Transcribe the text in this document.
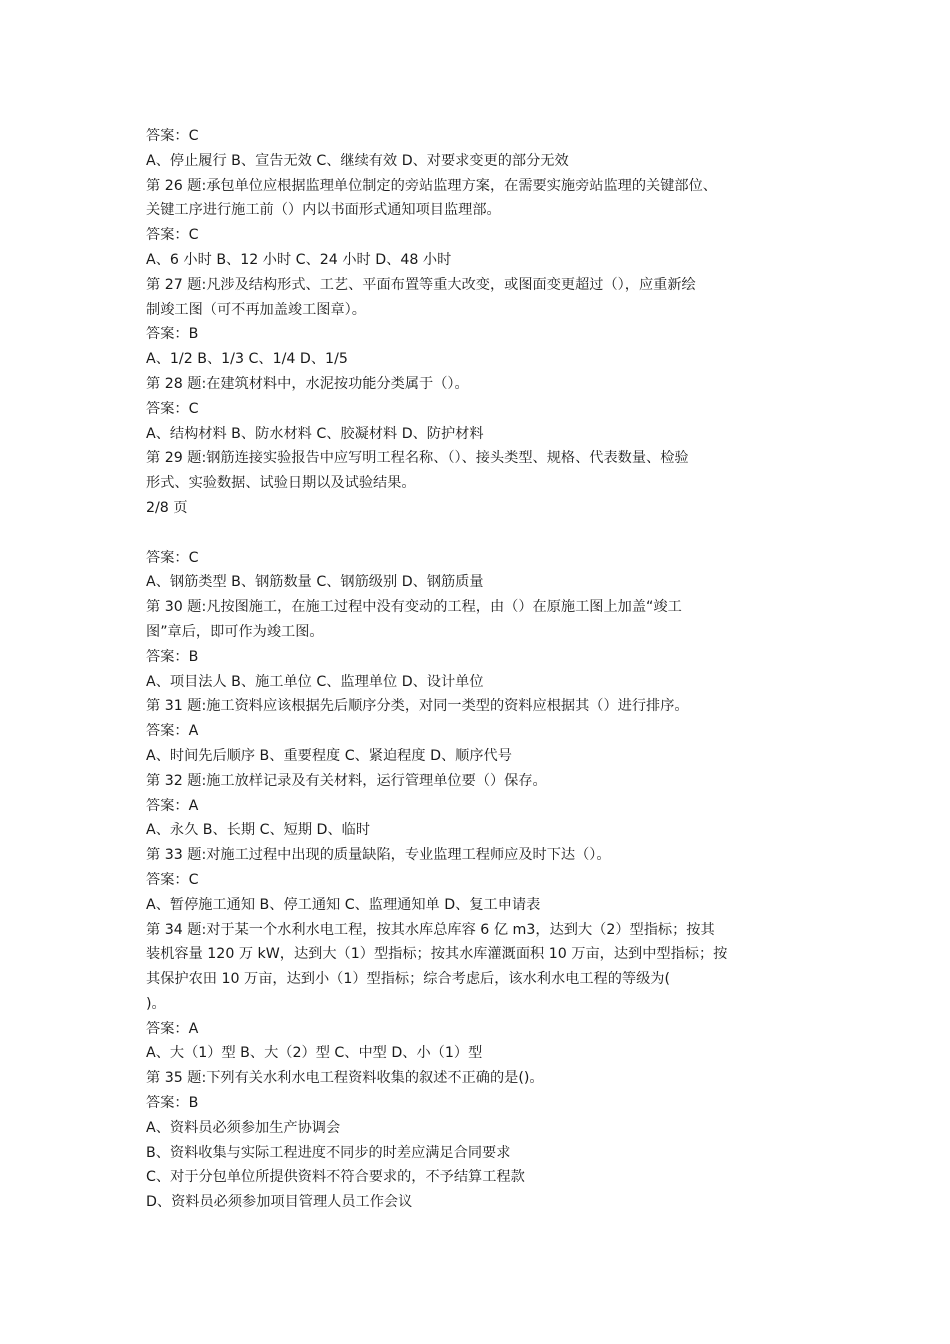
答案：C
A、停止履行 B、宣告无效 C、继续有效 D、对要求变更的部分无效
第 26 题:承包单位应根据监理单位制定的旁站监理方案，在需要实施旁站监理的关键部位、
关键工序进行施工前（）内以书面形式通知项目监理部。
答案：C
A、6 小时 B、12 小时 C、24 小时 D、48 小时
第 27 题:凡涉及结构形式、工艺、平面布置等重大改变，或图面变更超过（），应重新绘
制竣工图（可不再加盖竣工图章）。
答案：B
A、1/2 B、1/3 C、1/4 D、1/5
第 28 题:在建筑材料中，水泥按功能分类属于（）。
答案：C
A、结构材料 B、防水材料 C、胶凝材料 D、防护材料
第 29 题:钢筋连接实验报告中应写明工程名称、（）、接头类型、规格、代表数量、检验
形式、实验数据、试验日期以及试验结果。
2/8 页
答案：C
A、钢筋类型 B、钢筋数量 C、钢筋级别 D、钢筋质量
第 30 题:凡按图施工，在施工过程中没有变动的工程，由（）在原施工图上加盖“竣工
图”章后，即可作为竣工图。
答案：B
A、项目法人 B、施工单位 C、监理单位 D、设计单位
第 31 题:施工资料应该根据先后顺序分类，对同一类型的资料应根据其（）进行排序。
答案：A
A、时间先后顺序 B、重要程度 C、紧迫程度 D、顺序代号
第 32 题:施工放样记录及有关材料，运行管理单位要（）保存。
答案：A
A、永久 B、长期 C、短期 D、临时
第 33 题:对施工过程中出现的质量缺陷，专业监理工程师应及时下达（）。
答案：C
A、暂停施工通知 B、停工通知 C、监理通知单 D、复工申请表
第 34 题:对于某一个水利水电工程，按其水库总库容 6 亿 m3，达到大（2）型指标；按其
装机容量 120 万 kW，达到大（1）型指标；按其水库灌溉面积 10 万亩，达到中型指标；按
其保护农田 10 万亩，达到小（1）型指标；综合考虑后，该水利水电工程的等级为(
)。
答案：A
A、大（1）型 B、大（2）型 C、中型 D、小（1）型
第 35 题:下列有关水利水电工程资料收集的叙述不正确的是()。
答案：B
A、资料员必须参加生产协调会
B、资料收集与实际工程进度不同步的时差应满足合同要求
C、对于分包单位所提供资料不符合要求的，不予结算工程款
D、资料员必须参加项目管理人员工作会议
